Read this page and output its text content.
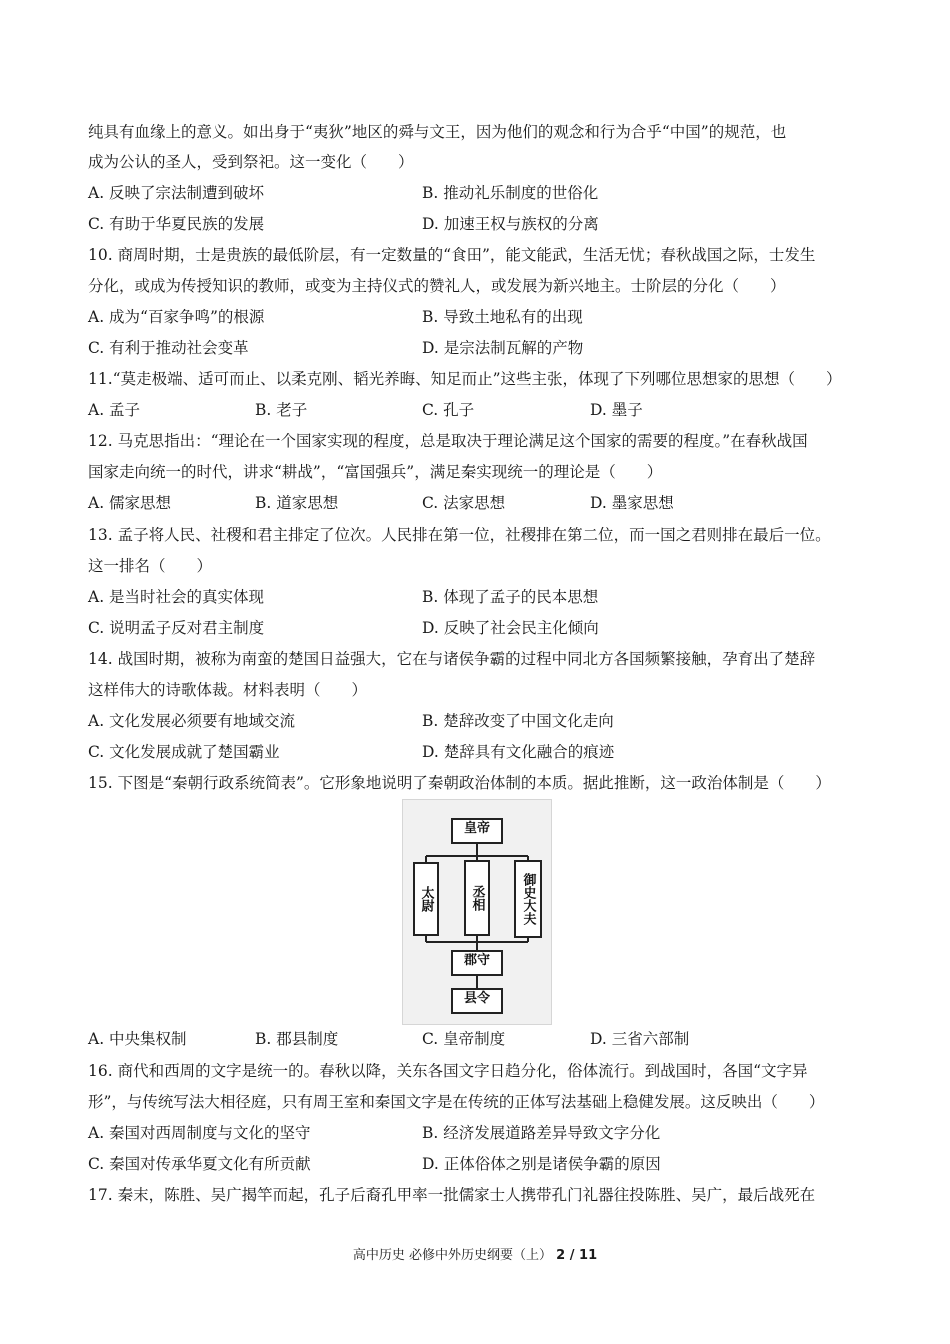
纯具有血缘上的意义。如出身于“夷狄”地区的舜与文王，因为他们的观念和行为合乎“中国”的规范，也
成为公认的圣人，受到祭祀。这一变化（　　）
A. 反映了宗法制遭到破坏	B. 推动礼乐制度的世俗化
C. 有助于华夏民族的发展	D. 加速王权与族权的分离
10. 商周时期，士是贵族的最低阶层，有一定数量的“食田”，能文能武，生活无忧；春秋战国之际，士发生
分化，或成为传授知识的教师，或变为主持仪式的赞礼人，或发展为新兴地主。士阶层的分化（　　）
A. 成为“百家争鸣”的根源	B. 导致土地私有的出现
C. 有利于推动社会变革	D. 是宗法制瓦解的产物
11.“莫走极端、适可而止、以柔克刚、韬光养晦、知足而止”这些主张，体现了下列哪位思想家的思想（　　）
A. 孟子	B. 老子	C. 孔子	D. 墨子
12. 马克思指出：“理论在一个国家实现的程度，总是取决于理论满足这个国家的需要的程度。”在春秋战国
国家走向统一的时代，讲求“耕战”，“富国强兵”，满足秦实现统一的理论是（　　）
A. 儒家思想	B. 道家思想	C. 法家思想	D. 墨家思想
13. 孟子将人民、社稷和君主排定了位次。人民排在第一位，社稷排在第二位，而一国之君则排在最后一位。
这一排名（　　）
A. 是当时社会的真实体现	B. 体现了孟子的民本思想
C. 说明孟子反对君主制度	D. 反映了社会民主化倾向
14. 战国时期，被称为南蛮的楚国日益强大，它在与诸侯争霸的过程中同北方各国频繁接触，孕育出了楚辞
这样伟大的诗歌体裁。材料表明（　　）
A. 文化发展必须要有地域交流	B. 楚辞改变了中国文化走向
C. 文化发展成就了楚国霸业	D. 楚辞具有文化融合的痕迹
15. 下图是“秦朝行政系统简表”。它形象地说明了秦朝政治体制的本质。据此推断，这一政治体制是（　　）
皇帝
太尉	丞相	御史大夫
郡守
县令
A. 中央集权制	B. 郡县制度	C. 皇帝制度	D. 三省六部制
16. 商代和西周的文字是统一的。春秋以降，关东各国文字日趋分化，俗体流行。到战国时，各国“文字异
形”，与传统写法大相径庭，只有周王室和秦国文字是在传统的正体写法基础上稳健发展。这反映出（　　）
A. 秦国对西周制度与文化的坚守	B. 经济发展道路差异导致文字分化
C. 秦国对传承华夏文化有所贡献	D. 正体俗体之别是诸侯争霸的原因
17. 秦末，陈胜、吴广揭竿而起，孔子后裔孔甲率一批儒家士人携带孔门礼器往投陈胜、吴广，最后战死在
高中历史 必修中外历史纲要（上） 2 / 11
